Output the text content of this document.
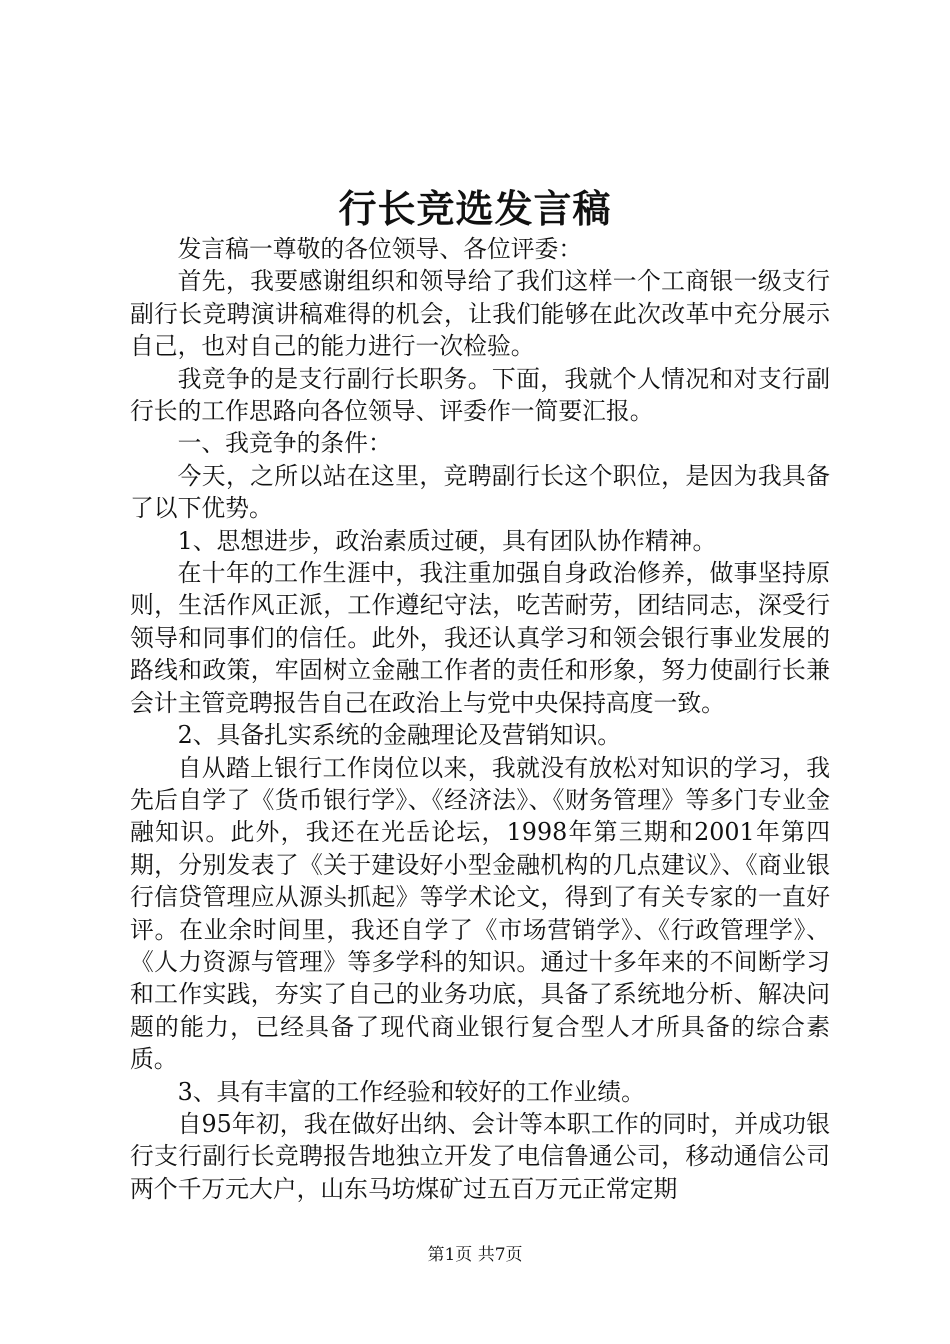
行长竞选发言稿

发言稿一尊敬的各位领导、各位评委：

首先，我要感谢组织和领导给了我们这样一个工商银一级支行副行长竞聘演讲稿难得的机会，让我们能够在此次改革中充分展示自己，也对自己的能力进行一次检验。

我竞争的是支行副行长职务。下面，我就个人情况和对支行副行长的工作思路向各位领导、评委作一简要汇报。

一、我竞争的条件：

今天，之所以站在这里，竞聘副行长这个职位，是因为我具备了以下优势。

1、思想进步，政治素质过硬，具有团队协作精神。

在十年的工作生涯中，我注重加强自身政治修养，做事坚持原则，生活作风正派，工作遵纪守法，吃苦耐劳，团结同志，深受行领导和同事们的信任。此外，我还认真学习和领会银行事业发展的路线和政策，牢固树立金融工作者的责任和形象，努力使副行长兼会计主管竞聘报告自己在政治上与党中央保持高度一致。

2、具备扎实系统的金融理论及营销知识。

自从踏上银行工作岗位以来，我就没有放松对知识的学习，我先后自学了《货币银行学》、《经济法》、《财务管理》等多门专业金融知识。此外，我还在光岳论坛，1998年第三期和2001年第四期，分别发表了《关于建设好小型金融机构的几点建议》、《商业银行信贷管理应从源头抓起》等学术论文，得到了有关专家的一直好评。在业余时间里，我还自学了《市场营销学》、《行政管理学》、《人力资源与管理》等多学科的知识。通过十多年来的不间断学习和工作实践，夯实了自己的业务功底，具备了系统地分析、解决问题的能力，已经具备了现代商业银行复合型人才所具备的综合素质。

3、具有丰富的工作经验和较好的工作业绩。

自95年初，我在做好出纳、会计等本职工作的同时，并成功银行支行副行长竞聘报告地独立开发了电信鲁通公司，移动通信公司两个千万元大户，山东马坊煤矿过五百万元正常定期

第1页 共7页
